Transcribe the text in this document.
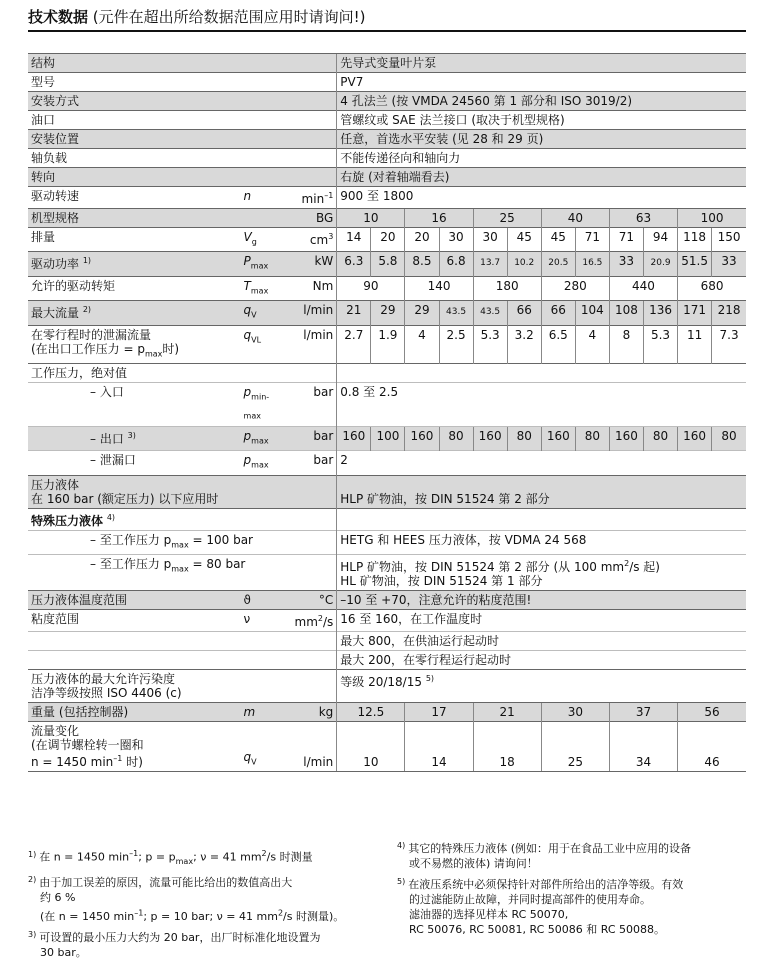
技术数据 (元件在超出所给数据范围应用时请询问!)
结构			先导式变量叶片泵											
型号			PV7											
安装方式			4 孔法兰 (按 VMDA 24560 第 1 部分和 ISO 3019/2)											
油口			管螺纹或 SAE 法兰接口 (取决于机型规格)											
安装位置			任意，首选水平安装 (见 28 和 29 页)											
轴负载			不能传递径向和轴向力											
转向			右旋 (对着轴端看去)											
驱动转速	n	$\min^{-1}$	900 至 1800											
机型规格		BG	10		16		25		40		63		100	
排量	$V_g$	$cm^3$	14	20	20	30	30	45	45	71	71	94	118	150
驱动功率 $^{1)}$	$P_{max}$	kW	6.3	5.8	8.5	6.8	13.7	10.2	20.5	16.5	33	20.9	51.5	33
允许的驱动转矩	$T_{max}$	Nm	90		140		180		280		440		680	
最大流量 $^{2)}$	$q_V$	l/min	21	29	29	43.5	43.5	66	66	104	108	136	171	218
在零行程时的泄漏流量
(在出口工作压力 = $p_{max}$时)	$q_{VL}$	l/min	2.7	1.9	4	2.5	5.3	3.2	6.5	4	8	5.3	11	7.3
工作压力，绝对值														
– 入口	$p_{min-max}$	bar	0.8 至 2.5											
– 出口 $^{3)}$	$p_{max}$	bar	160	100	160	80	160	80	160	80	160	80	160	80
– 泄漏口	$p_{max}$	bar	2											
压力液体
在 160 bar (额定压力) 以下应用时			HLP 矿物油，按 DIN 51524 第 2 部分											
特殊压力液体 $^{4)}$	
– 至工作压力 $p_{max} = 100$ bar			HETG 和 HEES 压力液体，按 VDMA 24 568											
– 至工作压力 $p_{max} = 80$ bar			HLP 矿物油，按 DIN 51524 第 2 部分 (从 100 $mm^2/s$ 起)
HL 矿物油，按 DIN 51524 第 1 部分											
压力液体温度范围	ϑ	°C	–10 至 +70，注意允许的粘度范围!											
粘度范围	ν	$mm^2/s$	16 至 160，在工作温度时											
			最大 800，在供油运行起动时											
			最大 200，在零行程运行起动时											
压力液体的最大允许污染度
洁净等级按照 ISO 4406 (c)			等级 20/18/15 $^{5)}$
重量 (包括控制器)	m	kg	12.5		17		21		30		37		56	
流量变化
(在调节螺栓转一圈和
n = 1450 $\min^{-1}$ 时)	$q_V$	l/min	10		14		18		25		34		46	

$^{1)}$ 在 n = 1450 $\min^{-1}$; $p = p_{max}$; ν = 41 $mm^2/s$ 时测量

$^{2)}$ 由于加工误差的原因，流量可能比给出的数值高出大
约 6 %
(在 n = 1450 $\min^{-1}$; p = 10 bar; ν = 41 $mm^2/s$ 时测量)。

$^{3)}$ 可设置的最小压力大约为 20 bar，出厂时标准化地设置为
30 bar。

$^{4)}$ 其它的特殊压力液体 (例如：用于在食品工业中应用的设备
或不易燃的液体) 请询问！

$^{5)}$ 在液压系统中必须保持针对部件所给出的洁净等级。有效
的过滤能防止故障，并同时提高部件的使用寿命。
滤油器的选择见样本 RC 50070,
RC 50076, RC 50081, RC 50086 和 RC 50088。
